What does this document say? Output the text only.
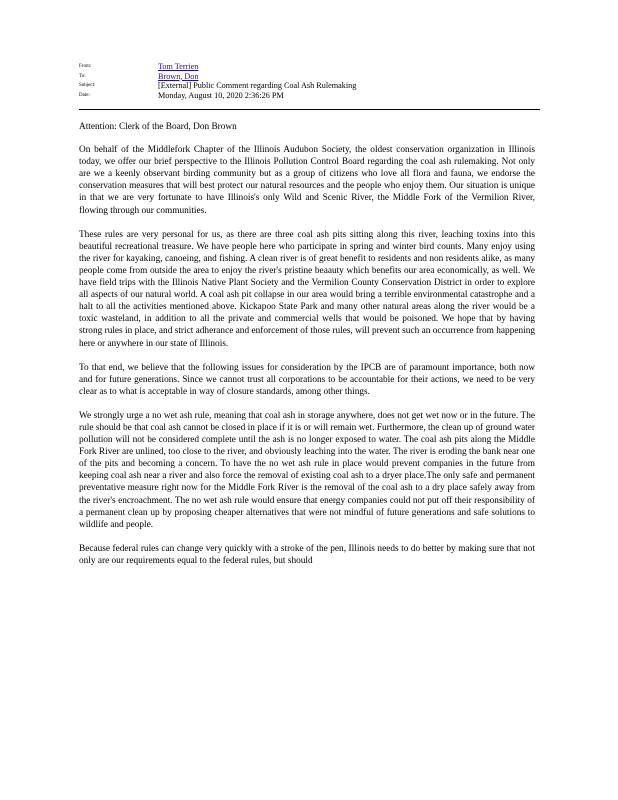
From:	Tom Terrien
To:	Brown, Don
Subject:	[External] Public Comment regarding Coal Ash Rulemaking
Date:	Monday, August 10, 2020 2:36:26 PM

Attention: Clerk of the Board, Don Brown

On behalf of the Middlefork Chapter of the Illinois Audubon Society, the oldest conservation organization in Illinois today, we offer our brief perspective to the Illinois Pollution Control Board regarding the coal ash rulemaking. Not only are we a keenly observant birding community but as a group of citizens who love all flora and fauna, we endorse the conservation measures that will best protect our natural resources and the people who enjoy them. Our situation is unique in that we are very fortunate to have Illinois's only Wild and Scenic River, the Middle Fork of the Vermilion River, flowing through our communities.

These rules are very personal for us, as there are three coal ash pits sitting along this river, leaching toxins into this beautiful recreational treasure. We have people here who participate in spring and winter bird counts. Many enjoy using the river for kayaking, canoeing, and fishing. A clean river is of great benefit to residents and non residents alike, as many people come from outside the area to enjoy the river's pristine beaauty which benefits our area economically, as well. We have field trips with the Illinois Native Plant Society and the Vermilion County Conservation District in order to explore all aspects of our natural world. A coal ash pit collapse in our area would bring a terrible environmental catastrophe and a halt to all the activities mentioned above. Kickapoo State Park and many other natural areas along the river would be a toxic wasteland, in addition to all the private and commercial wells that would be poisoned. We hope that by having strong rules in place, and strict adherance and enforcement of those rules, will prevent such an occurrence from happening here or anywhere in our state of Illinois.

To that end, we believe that the following issues for consideration by the IPCB are of paramount importance, both now and for future generations. Since we cannot trust all corporations to be accountable for their actions, we need to be very clear as to what is acceptable in way of closure standards, among other things.

We strongly urge a no wet ash rule, meaning that coal ash in storage anywhere, does not get wet now or in the future. The rule should be that coal ash cannot be closed in place if it is or will remain wet. Furthermore, the clean up of ground water pollution will not be considered complete until the ash is no longer exposed to water. The coal ash pits along the Middle Fork River are unlined, too close to the river, and obviously leaching into the water. The river is eroding the bank near one of the pits and becoming a concern. To have the no wet ash rule in place would prevent companies in the future from keeping coal ash near a river and also force the removal of existing coal ash to a dryer place.The only safe and permanent preventative measure right now for the Middle Fork River is the removal of the coal ash to a dry place safely away from the river's encroachment. The no wet ash rule would ensure that energy companies could not put off their responsibility of a permanent clean up by proposing cheaper alternatives that were not mindful of future generations and safe solutions to wildlife and people.

Because federal rules can change very quickly with a stroke of the pen, Illinois needs to do better by making sure that not only are our requirements equal to the federal rules, but should
